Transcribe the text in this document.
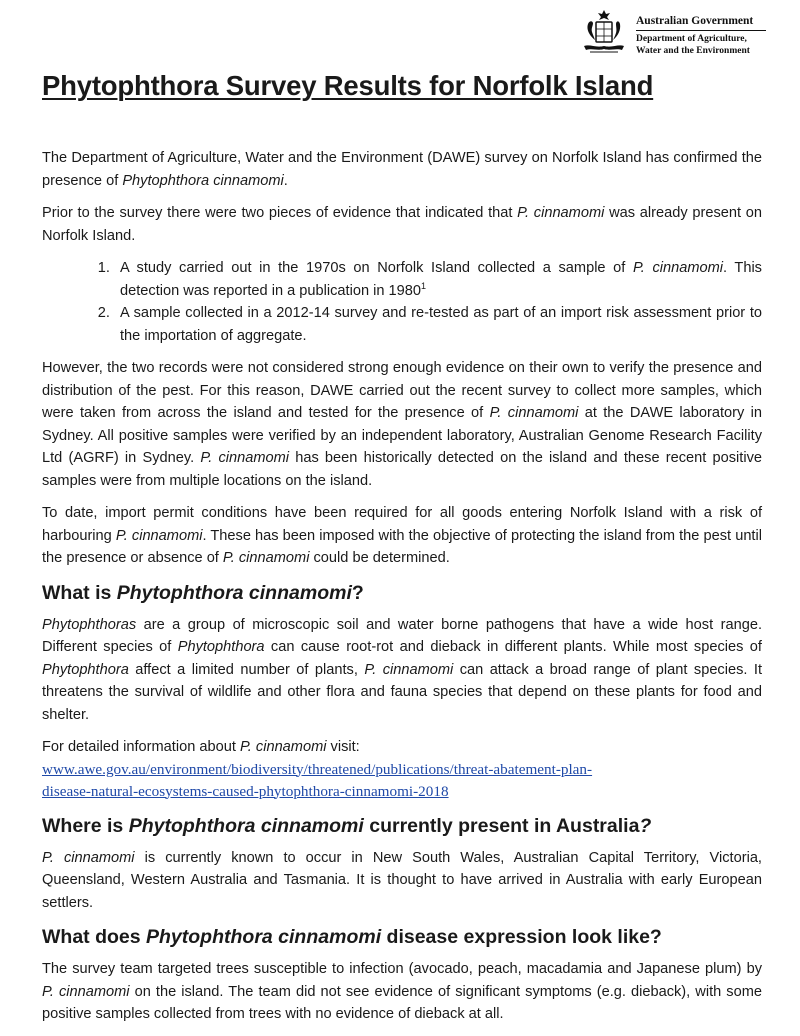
Australian Government
Department of Agriculture,
Water and the Environment
Phytophthora Survey Results for Norfolk Island

The Department of Agriculture, Water and the Environment (DAWE) survey on Norfolk Island has confirmed the presence of Phytophthora cinnamomi.

Prior to the survey there were two pieces of evidence that indicated that P. cinnamomi was already present on Norfolk Island.

1. A study carried out in the 1970s on Norfolk Island collected a sample of P. cinnamomi. This detection was reported in a publication in 1980$^1$
2. A sample collected in a 2012-14 survey and re-tested as part of an import risk assessment prior to the importation of aggregate.

However, the two records were not considered strong enough evidence on their own to verify the presence and distribution of the pest. For this reason, DAWE carried out the recent survey to collect more samples, which were taken from across the island and tested for the presence of P. cinnamomi at the DAWE laboratory in Sydney. All positive samples were verified by an independent laboratory, Australian Genome Research Facility Ltd (AGRF) in Sydney. P. cinnamomi has been historically detected on the island and these recent positive samples were from multiple locations on the island.

To date, import permit conditions have been required for all goods entering Norfolk Island with a risk of harbouring P. cinnamomi. These has been imposed with the objective of protecting the island from the pest until the presence or absence of P. cinnamomi could be determined.

What is Phytophthora cinnamomi?

Phytophthoras are a group of microscopic soil and water borne pathogens that have a wide host range. Different species of Phytophthora can cause root-rot and dieback in different plants. While most species of Phytophthora affect a limited number of plants, P. cinnamomi can attack a broad range of plant species. It threatens the survival of wildlife and other flora and fauna species that depend on these plants for food and shelter.

For detailed information about P. cinnamomi visit:

www.awe.gov.au/environment/biodiversity/threatened/publications/threat-abatement-plan-
disease-natural-ecosystems-caused-phytophthora-cinnamomi-2018
Where is Phytophthora cinnamomi currently present in Australia?

P. cinnamomi is currently known to occur in New South Wales, Australian Capital Territory, Victoria, Queensland, Western Australia and Tasmania. It is thought to have arrived in Australia with early European settlers.

What does Phytophthora cinnamomi disease expression look like?

The survey team targeted trees susceptible to infection (avocado, peach, macadamia and Japanese plum) by P. cinnamomi on the island. The team did not see evidence of significant symptoms (e.g. dieback), with some positive samples collected from trees with no evidence of dieback at all.
